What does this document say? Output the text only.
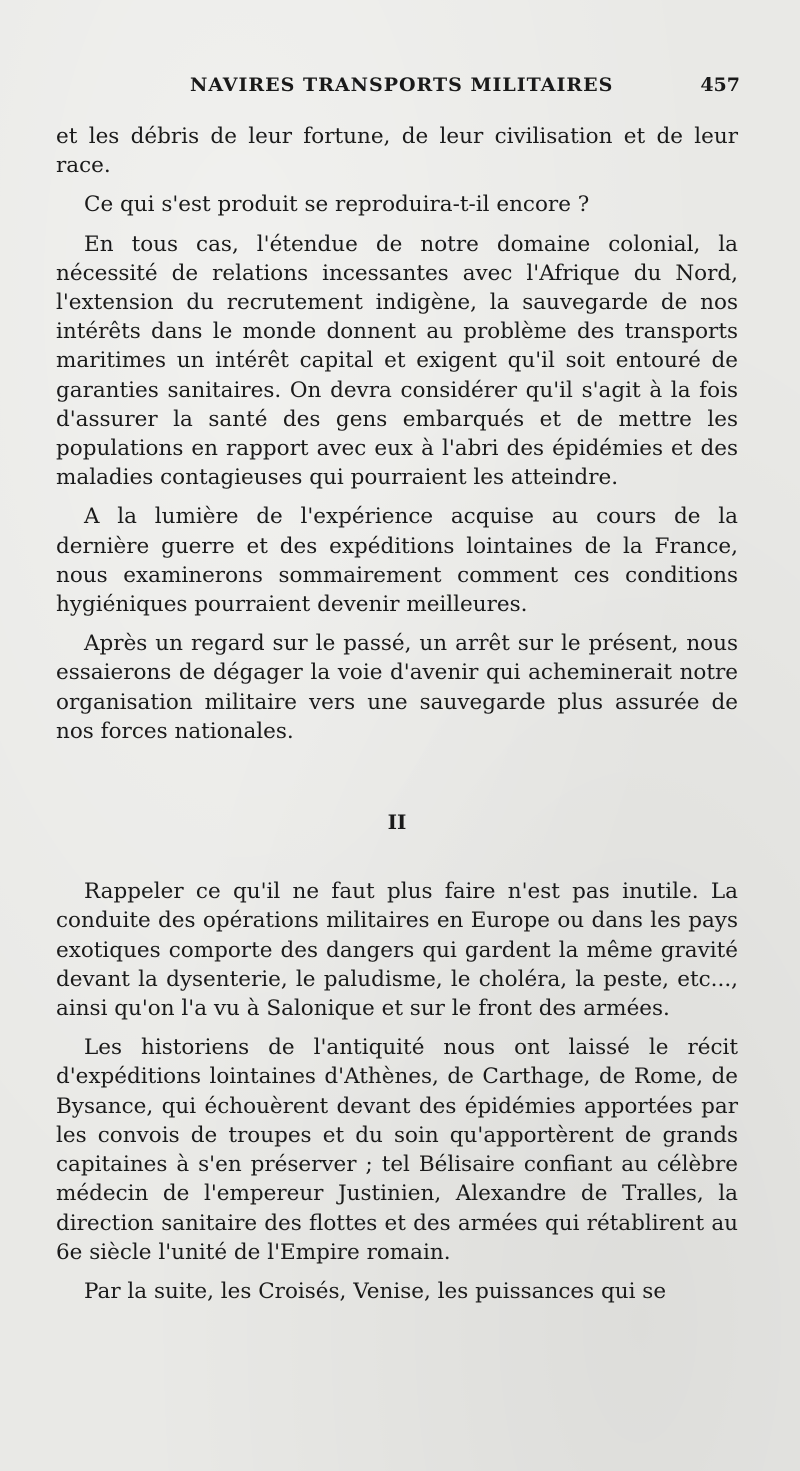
NAVIRES TRANSPORTS MILITAIRES	457

et les débris de leur fortune, de leur civilisation et de leur race.

Ce qui s'est produit se reproduira-t-il encore ?

En tous cas, l'étendue de notre domaine colonial, la nécessité de relations incessantes avec l'Afrique du Nord, l'extension du recrutement indigène, la sauvegarde de nos intérêts dans le monde donnent au problème des transports maritimes un intérêt capital et exigent qu'il soit entouré de garanties sanitaires. On devra considérer qu'il s'agit à la fois d'assurer la santé des gens embarqués et de mettre les populations en rapport avec eux à l'abri des épidémies et des maladies contagieuses qui pourraient les atteindre.

A la lumière de l'expérience acquise au cours de la dernière guerre et des expéditions lointaines de la France, nous examinerons sommairement comment ces conditions hygiéniques pourraient devenir meilleures.

Après un regard sur le passé, un arrêt sur le présent, nous essaierons de dégager la voie d'avenir qui acheminerait notre organisation militaire vers une sauvegarde plus assurée de nos forces nationales.

II

Rappeler ce qu'il ne faut plus faire n'est pas inutile. La conduite des opérations militaires en Europe ou dans les pays exotiques comporte des dangers qui gardent la même gravité devant la dysenterie, le paludisme, le choléra, la peste, etc..., ainsi qu'on l'a vu à Salonique et sur le front des armées.

Les historiens de l'antiquité nous ont laissé le récit d'expéditions lointaines d'Athènes, de Carthage, de Rome, de Bysance, qui échouèrent devant des épidémies apportées par les convois de troupes et du soin qu'apportèrent de grands capitaines à s'en préserver ; tel Bélisaire confiant au célèbre médecin de l'empereur Justinien, Alexandre de Tralles, la direction sanitaire des flottes et des armées qui rétablirent au 6e siècle l'unité de l'Empire romain.

Par la suite, les Croisés, Venise, les puissances qui se
